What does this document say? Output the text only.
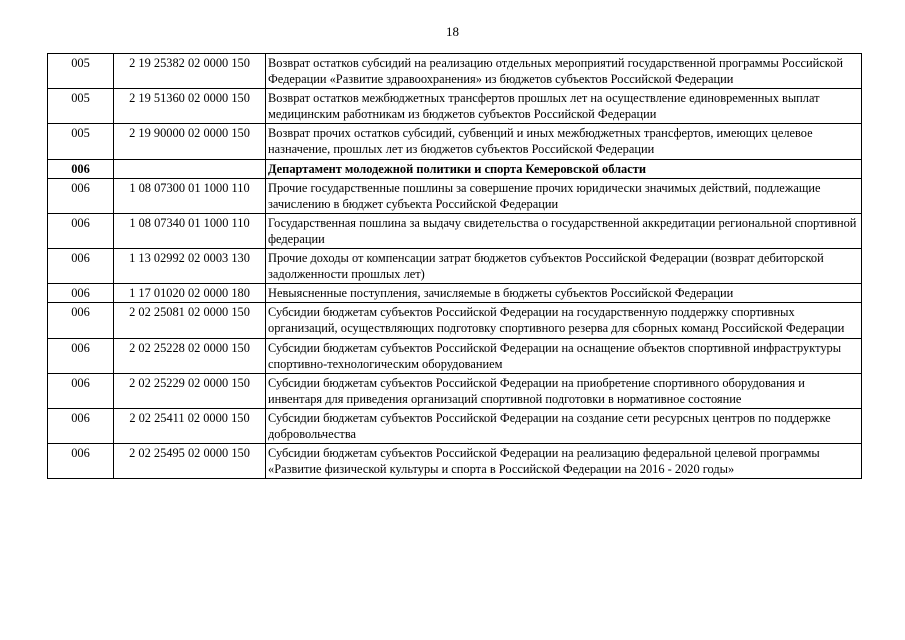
18
005	2 19 25382 02 0000 150	Возврат остатков субсидий на реализацию отдельных мероприятий государственной программы Российской Федерации «Развитие здравоохранения» из бюджетов субъектов Российской Федерации
005	2 19 51360 02 0000 150	Возврат остатков межбюджетных трансфертов прошлых лет на осуществление единовременных выплат медицинским работникам из бюджетов субъектов Российской Федерации
005	2 19 90000 02 0000 150	Возврат прочих остатков субсидий, субвенций и иных межбюджетных трансфертов, имеющих целевое назначение, прошлых лет из бюджетов субъектов Российской Федерации
006		Департамент молодежной политики и спорта Кемеровской области
006	1 08 07300 01 1000 110	Прочие государственные пошлины за совершение прочих юридически значимых действий, подлежащие зачислению в бюджет субъекта Российской Федерации
006	1 08 07340 01 1000 110	Государственная пошлина за выдачу свидетельства о государственной аккредитации региональной спортивной федерации
006	1 13 02992 02 0003 130	Прочие доходы от компенсации затрат бюджетов субъектов Российской Федерации (возврат дебиторской задолженности прошлых лет)
006	1 17 01020 02 0000 180	Невыясненные поступления, зачисляемые в бюджеты субъектов Российской Федерации
006	2 02 25081 02 0000 150	Субсидии бюджетам субъектов Российской Федерации на государственную поддержку спортивных организаций, осуществляющих подготовку спортивного резерва для сборных команд Российской Федерации
006	2 02 25228 02 0000 150	Субсидии бюджетам субъектов Российской Федерации на оснащение объектов спортивной инфраструктуры спортивно-технологическим оборудованием
006	2 02 25229 02 0000 150	Субсидии бюджетам субъектов Российской Федерации на приобретение спортивного оборудования и инвентаря для приведения организаций спортивной подготовки в нормативное состояние
006	2 02 25411 02 0000 150	Субсидии бюджетам субъектов Российской Федерации на создание сети ресурсных центров по поддержке добровольчества
006	2 02 25495 02 0000 150	Субсидии бюджетам субъектов Российской Федерации на реализацию федеральной целевой программы «Развитие физической культуры и спорта в Российской Федерации на 2016 - 2020 годы»
